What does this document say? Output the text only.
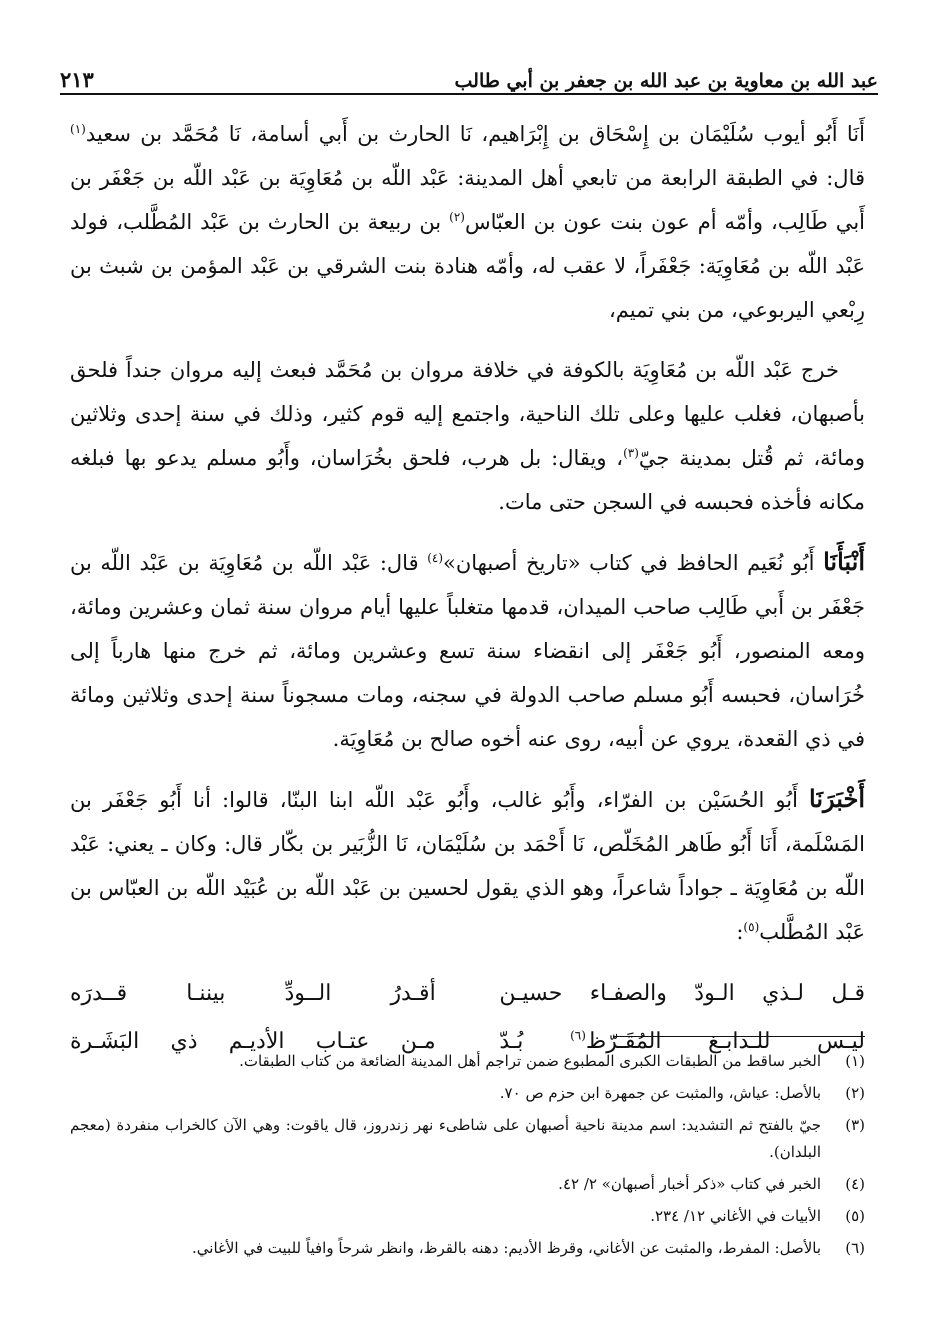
٢١٣	عبد الله بن معاوية بن عبد الله بن جعفر بن أبي طالب

أَنَا أَبُو أيوب سُلَيْمَان بن إِسْحَاق بن إِبْرَاهيم، نَا الحارث بن أَبي أسامة، نَا مُحَمَّد بن سعيد$^{(١)}$ قال: في الطبقة الرابعة من تابعي أهل المدينة: عَبْد اللّه بن مُعَاوِيَة بن عَبْد اللّه بن جَعْفَر بن أَبي طَالِب، وأمّه أم عون بنت عون بن العبّاس$^{(٢)}$ بن ربيعة بن الحارث بن عَبْد المُطَّلب، فولد عَبْد اللّه بن مُعَاوِيَة: جَعْفَراً، لا عقب له، وأمّه هنادة بنت الشرقي بن عَبْد المؤمن بن شبث بن رِبْعي اليربوعي، من بني تميم،

خرج عَبْد اللّه بن مُعَاوِيَة بالكوفة في خلافة مروان بن مُحَمَّد فبعث إليه مروان جنداً فلحق بأصبهان، فغلب عليها وعلى تلك الناحية، واجتمع إليه قوم كثير، وذلك في سنة إحدى وثلاثين ومائة، ثم قُتل بمدينة جيّ$^{(٣)}$، ويقال: بل هرب، فلحق بخُرَاسان، وأَبُو مسلم يدعو بها فبلغه مكانه فأخذه فحبسه في السجن حتى مات.

أَنْبَأَنَا أَبُو نُعَيم الحافظ في كتاب «تاريخ أصبهان»$^{(٤)}$ قال: عَبْد اللّه بن مُعَاوِيَة بن عَبْد اللّه بن جَعْفَر بن أَبي طَالِب صاحب الميدان، قدمها متغلباً عليها أيام مروان سنة ثمان وعشرين ومائة، ومعه المنصور، أَبُو جَعْفَر إلى انقضاء سنة تسع وعشرين ومائة، ثم خرج منها هارباً إلى خُرَاسان، فحبسه أَبُو مسلم صاحب الدولة في سجنه، ومات مسجوناً سنة إحدى وثلاثين ومائة في ذي القعدة، يروي عن أبيه، روى عنه أخوه صالح بن مُعَاوِيَة.

أَخْبَرَنَا أَبُو الحُسَيْن بن الفرّاء، وأَبُو غالب، وأَبُو عَبْد اللّه ابنا البنّا، قالوا: أنا أَبُو جَعْفَر بن المَسْلَمة، أَنَا أَبُو طَاهر المُخَلّص، نَا أَحْمَد بن سُلَيْمَان، نَا الزُّبَير بن بكّار قال: وكان ـ يعني: عَبْد اللّه بن مُعَاوِيَة ـ جواداً شاعراً، وهو الذي يقول لحسين بن عَبْد اللّه بن عُبَيْد اللّه بن العبّاس بن عَبْد المُطَّلب$^{(٥)}$:

قـل لـذي الـودّ والصفـاء حسيـن
أقـدرُ الــودِّ بيننـا قــدرَه
ليـس للـدابـغ المُقَـرّظ$^{(٦)}$ بُـدّ
مـن عتـاب الأديـم ذي البَشَـرة
(١)
الخبر ساقط من الطبقات الكبرى المطبوع ضمن تراجم أهل المدينة الضائعة من كتاب الطبقات.
(٢)
بالأصل: عياش، والمثبت عن جمهرة ابن حزم ص ٧٠.
(٣)
جيّ بالفتح ثم التشديد: اسم مدينة ناحية أصبهان على شاطىء نهر زندروز، قال ياقوت: وهي الآن كالخراب منفردة (معجم البلدان).
(٤)
الخبر في كتاب «ذكر أخبار أصبهان» ٢/ ٤٢.
(٥)
الأبيات في الأغاني ١٢/ ٢٣٤.
(٦)
بالأصل: المفرط، والمثبت عن الأغاني، وقرظ الأديم: دهنه بالقرظ، وانظر شرحاً وافياً للبيت في الأغاني.
